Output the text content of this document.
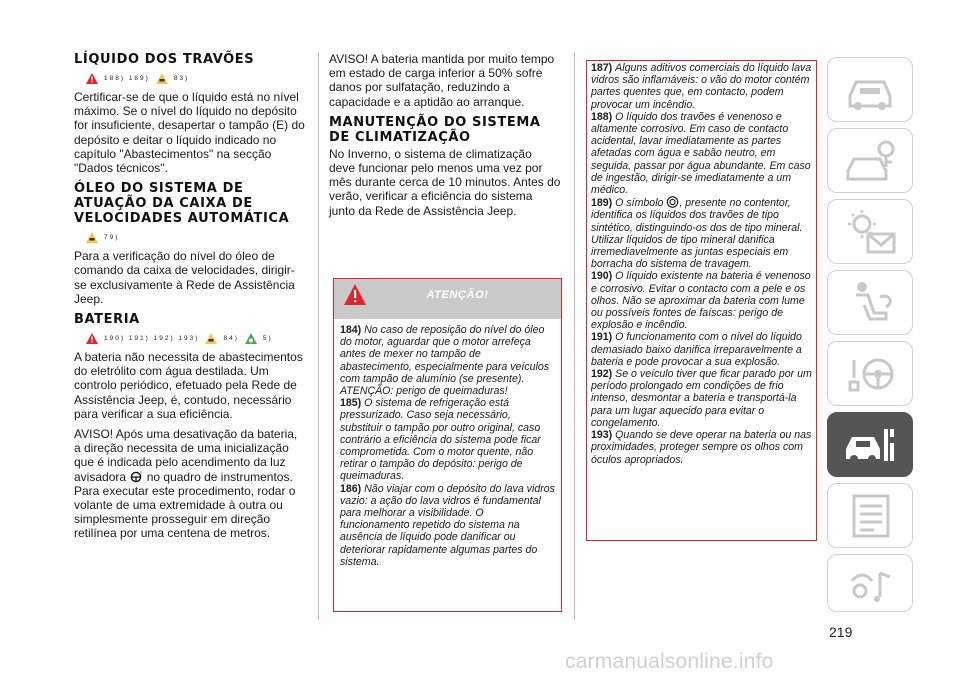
LÍQUIDO DOS TRAVÕES
188) 189)	83)

Certificar-se de que o líquido está no nível máximo. Se o nível do líquido no depósito for insuficiente, desapertar o tampão (E) do depósito e deitar o líquido indicado no capítulo "Abastecimentos" na secção "Dados técnicos".

ÓLEO DO SISTEMA DE ATUAÇÃO DA CAIXA DE VELOCIDADES AUTOMÁTICA
79)

Para a verificação do nível do óleo de comando da caixa de velocidades, dirigir-se exclusivamente à Rede de Assistência Jeep.

BATERIA
190) 191) 192) 193)	84)	5)

A bateria não necessita de abastecimentos do eletrólito com água destilada. Um controlo periódico, efetuado pela Rede de Assistência Jeep, é, contudo, necessário para verificar a sua eficiência.

AVISO! Após uma desativação da bateria, a direção necessita de uma inicialização que é indicada pelo acendimento da luz avisadora	! no quadro de instrumentos. Para executar este procedimento, rodar o volante de uma extremidade à outra ou simplesmente prosseguir em direção retilínea por uma centena de metros.

AVISO! A bateria mantida por muito tempo em estado de carga inferior a 50% sofre danos por sulfatação, reduzindo a capacidade e a aptidão ao arranque.

MANUTENÇÃO DO SISTEMA DE CLIMATIZAÇÃO

No Inverno, o sistema de climatização deve funcionar pelo menos uma vez por mês durante cerca de 10 minutos. Antes do verão, verificar a eficiência do sistema junto da Rede de Assistência Jeep.

ATENÇÃO!

184) No caso de reposição do nível do óleo do motor, aguardar que o motor arrefeça antes de mexer no tampão de abastecimento, especialmente para veículos com tampão de alumínio (se presente). ATENÇÃO: perigo de queimaduras!

185) O sistema de refrigeração está pressurizado. Caso seja necessário, substituir o tampão por outro original, caso contrário a eficiência do sistema pode ficar comprometida. Com o motor quente, não retirar o tampão do depósito: perigo de queimaduras.

186) Não viajar com o depósito do lava vidros vazio: a ação do lava vidros é fundamental para melhorar a visibilidade. O funcionamento repetido do sistema na ausência de líquido pode danificar ou deteriorar rapidamente algumas partes do sistema.

187) Alguns aditivos comerciais do líquido lava vidros são inflamáveis: o vão do motor contém partes quentes que, em contacto, podem provocar um incêndio.

188) O líquido dos travões é venenoso e altamente corrosivo. Em caso de contacto acidental, lavar imediatamente as partes afetadas com água e sabão neutro, em seguida, passar por água abundante. Em caso de ingestão, dirigir-se imediatamente a um médico.

189) O símbolo , presente no contentor, identifica os líquidos dos travões de tipo sintético, distinguindo-os dos de tipo mineral. Utilizar líquidos de tipo mineral danifica irremediavelmente as juntas especiais em borracha do sistema de travagem.

190) O líquido existente na bateria é venenoso e corrosivo. Evitar o contacto com a pele e os olhos. Não se aproximar da bateria com lume ou possíveis fontes de faíscas: perigo de explosão e incêndio.

191) O funcionamento com o nível do líquido demasiado baixo danifica irreparavelmente a bateria e pode provocar a sua explosão.

192) Se o veículo tiver que ficar parado por um período prolongado em condições de frio intenso, desmontar a bateria e transportá-la para um lugar aquecido para evitar o congelamento.

193) Quando se deve operar na bateria ou nas proximidades, proteger sempre os olhos com óculos apropriados.

219
carmanualsonline.info
